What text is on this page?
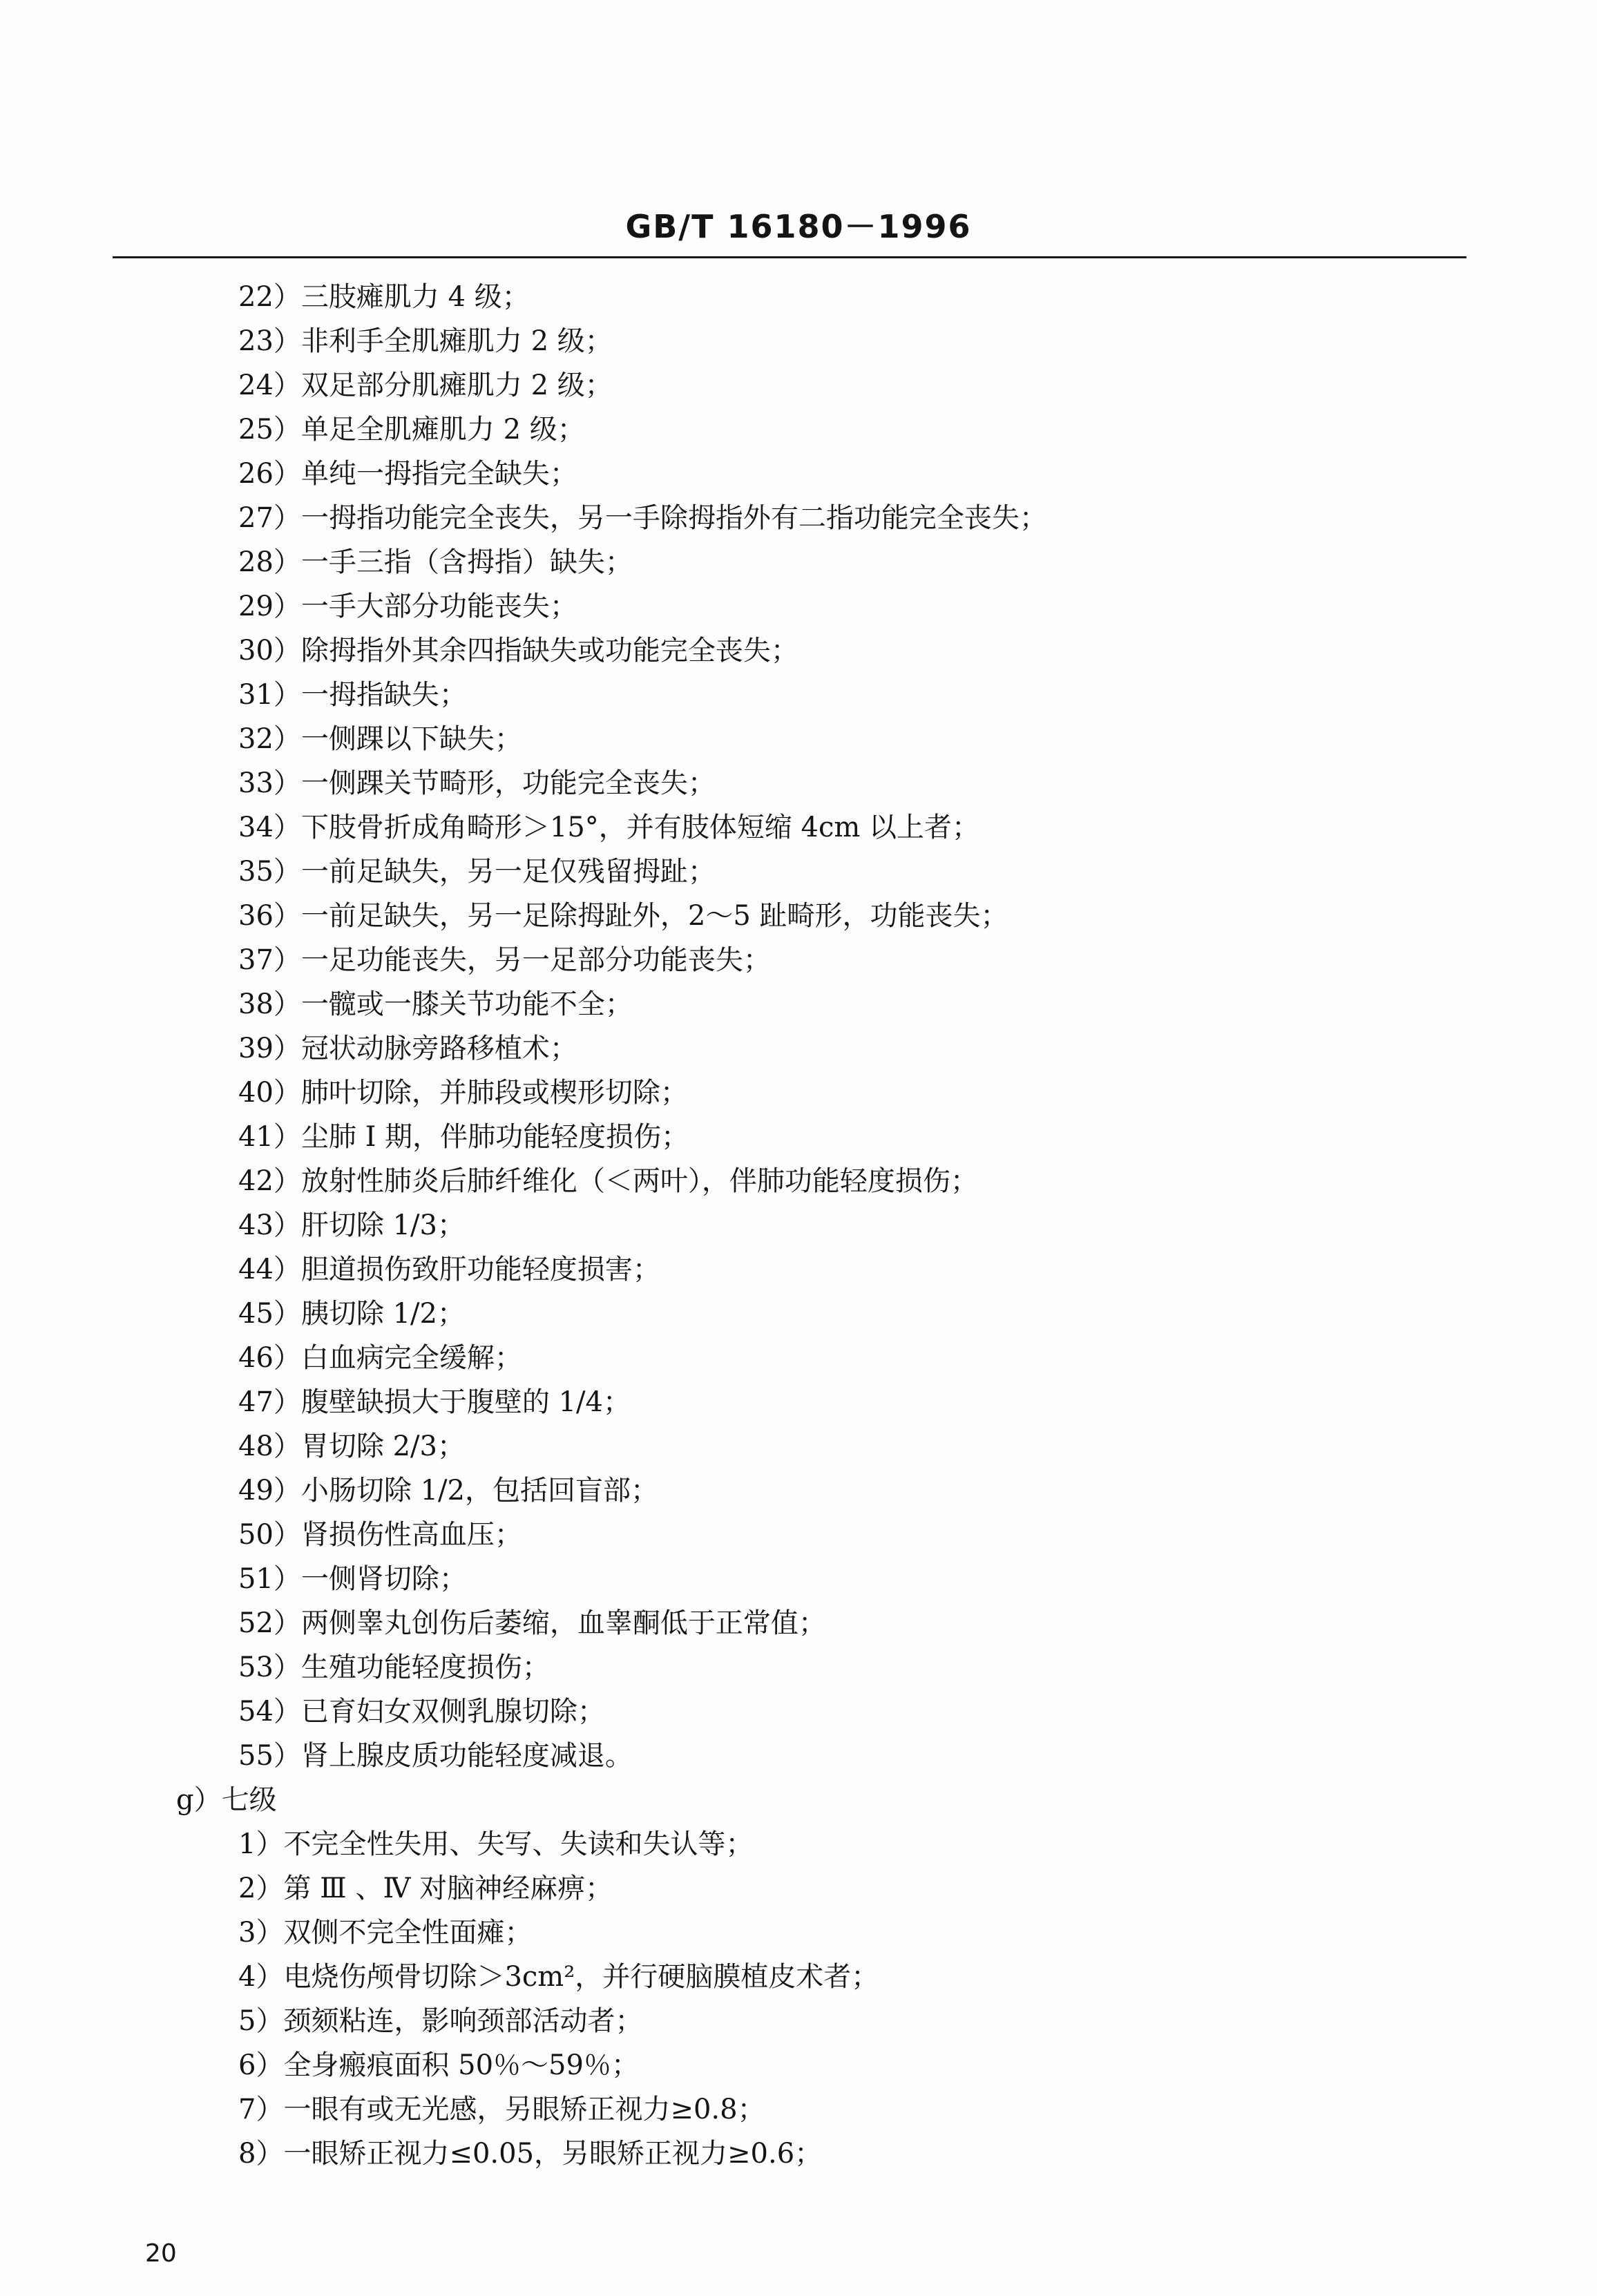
GB/T 16180－1996
22）三肢瘫肌力 4 级；
23）非利手全肌瘫肌力 2 级；
24）双足部分肌瘫肌力 2 级；
25）单足全肌瘫肌力 2 级；
26）单纯一拇指完全缺失；
27）一拇指功能完全丧失，另一手除拇指外有二指功能完全丧失；
28）一手三指（含拇指）缺失；
29）一手大部分功能丧失；
30）除拇指外其余四指缺失或功能完全丧失；
31）一拇指缺失；
32）一侧踝以下缺失；
33）一侧踝关节畸形，功能完全丧失；
34）下肢骨折成角畸形＞15°，并有肢体短缩 4cm 以上者；
35）一前足缺失，另一足仅残留拇趾；
36）一前足缺失，另一足除拇趾外，2～5 趾畸形，功能丧失；
37）一足功能丧失，另一足部分功能丧失；
38）一髋或一膝关节功能不全；
39）冠状动脉旁路移植术；
40）肺叶切除，并肺段或楔形切除；
41）尘肺 Ⅰ 期，伴肺功能轻度损伤；
42）放射性肺炎后肺纤维化（＜两叶），伴肺功能轻度损伤；
43）肝切除 1/3；
44）胆道损伤致肝功能轻度损害；
45）胰切除 1/2；
46）白血病完全缓解；
47）腹壁缺损大于腹壁的 1/4；
48）胃切除 2/3；
49）小肠切除 1/2，包括回盲部；
50）肾损伤性高血压；
51）一侧肾切除；
52）两侧睾丸创伤后萎缩，血睾酮低于正常值；
53）生殖功能轻度损伤；
54）已育妇女双侧乳腺切除；
55）肾上腺皮质功能轻度减退。
g）七级
1）不完全性失用、失写、失读和失认等；
2）第 Ⅲ 、Ⅳ 对脑神经麻痹；
3）双侧不完全性面瘫；
4）电烧伤颅骨切除＞3cm²，并行硬脑膜植皮术者；
5）颈颏粘连，影响颈部活动者；
6）全身瘢痕面积 50％～59％；
7）一眼有或无光感，另眼矫正视力≥0.8；
8）一眼矫正视力≤0.05，另眼矫正视力≥0.6；
20
